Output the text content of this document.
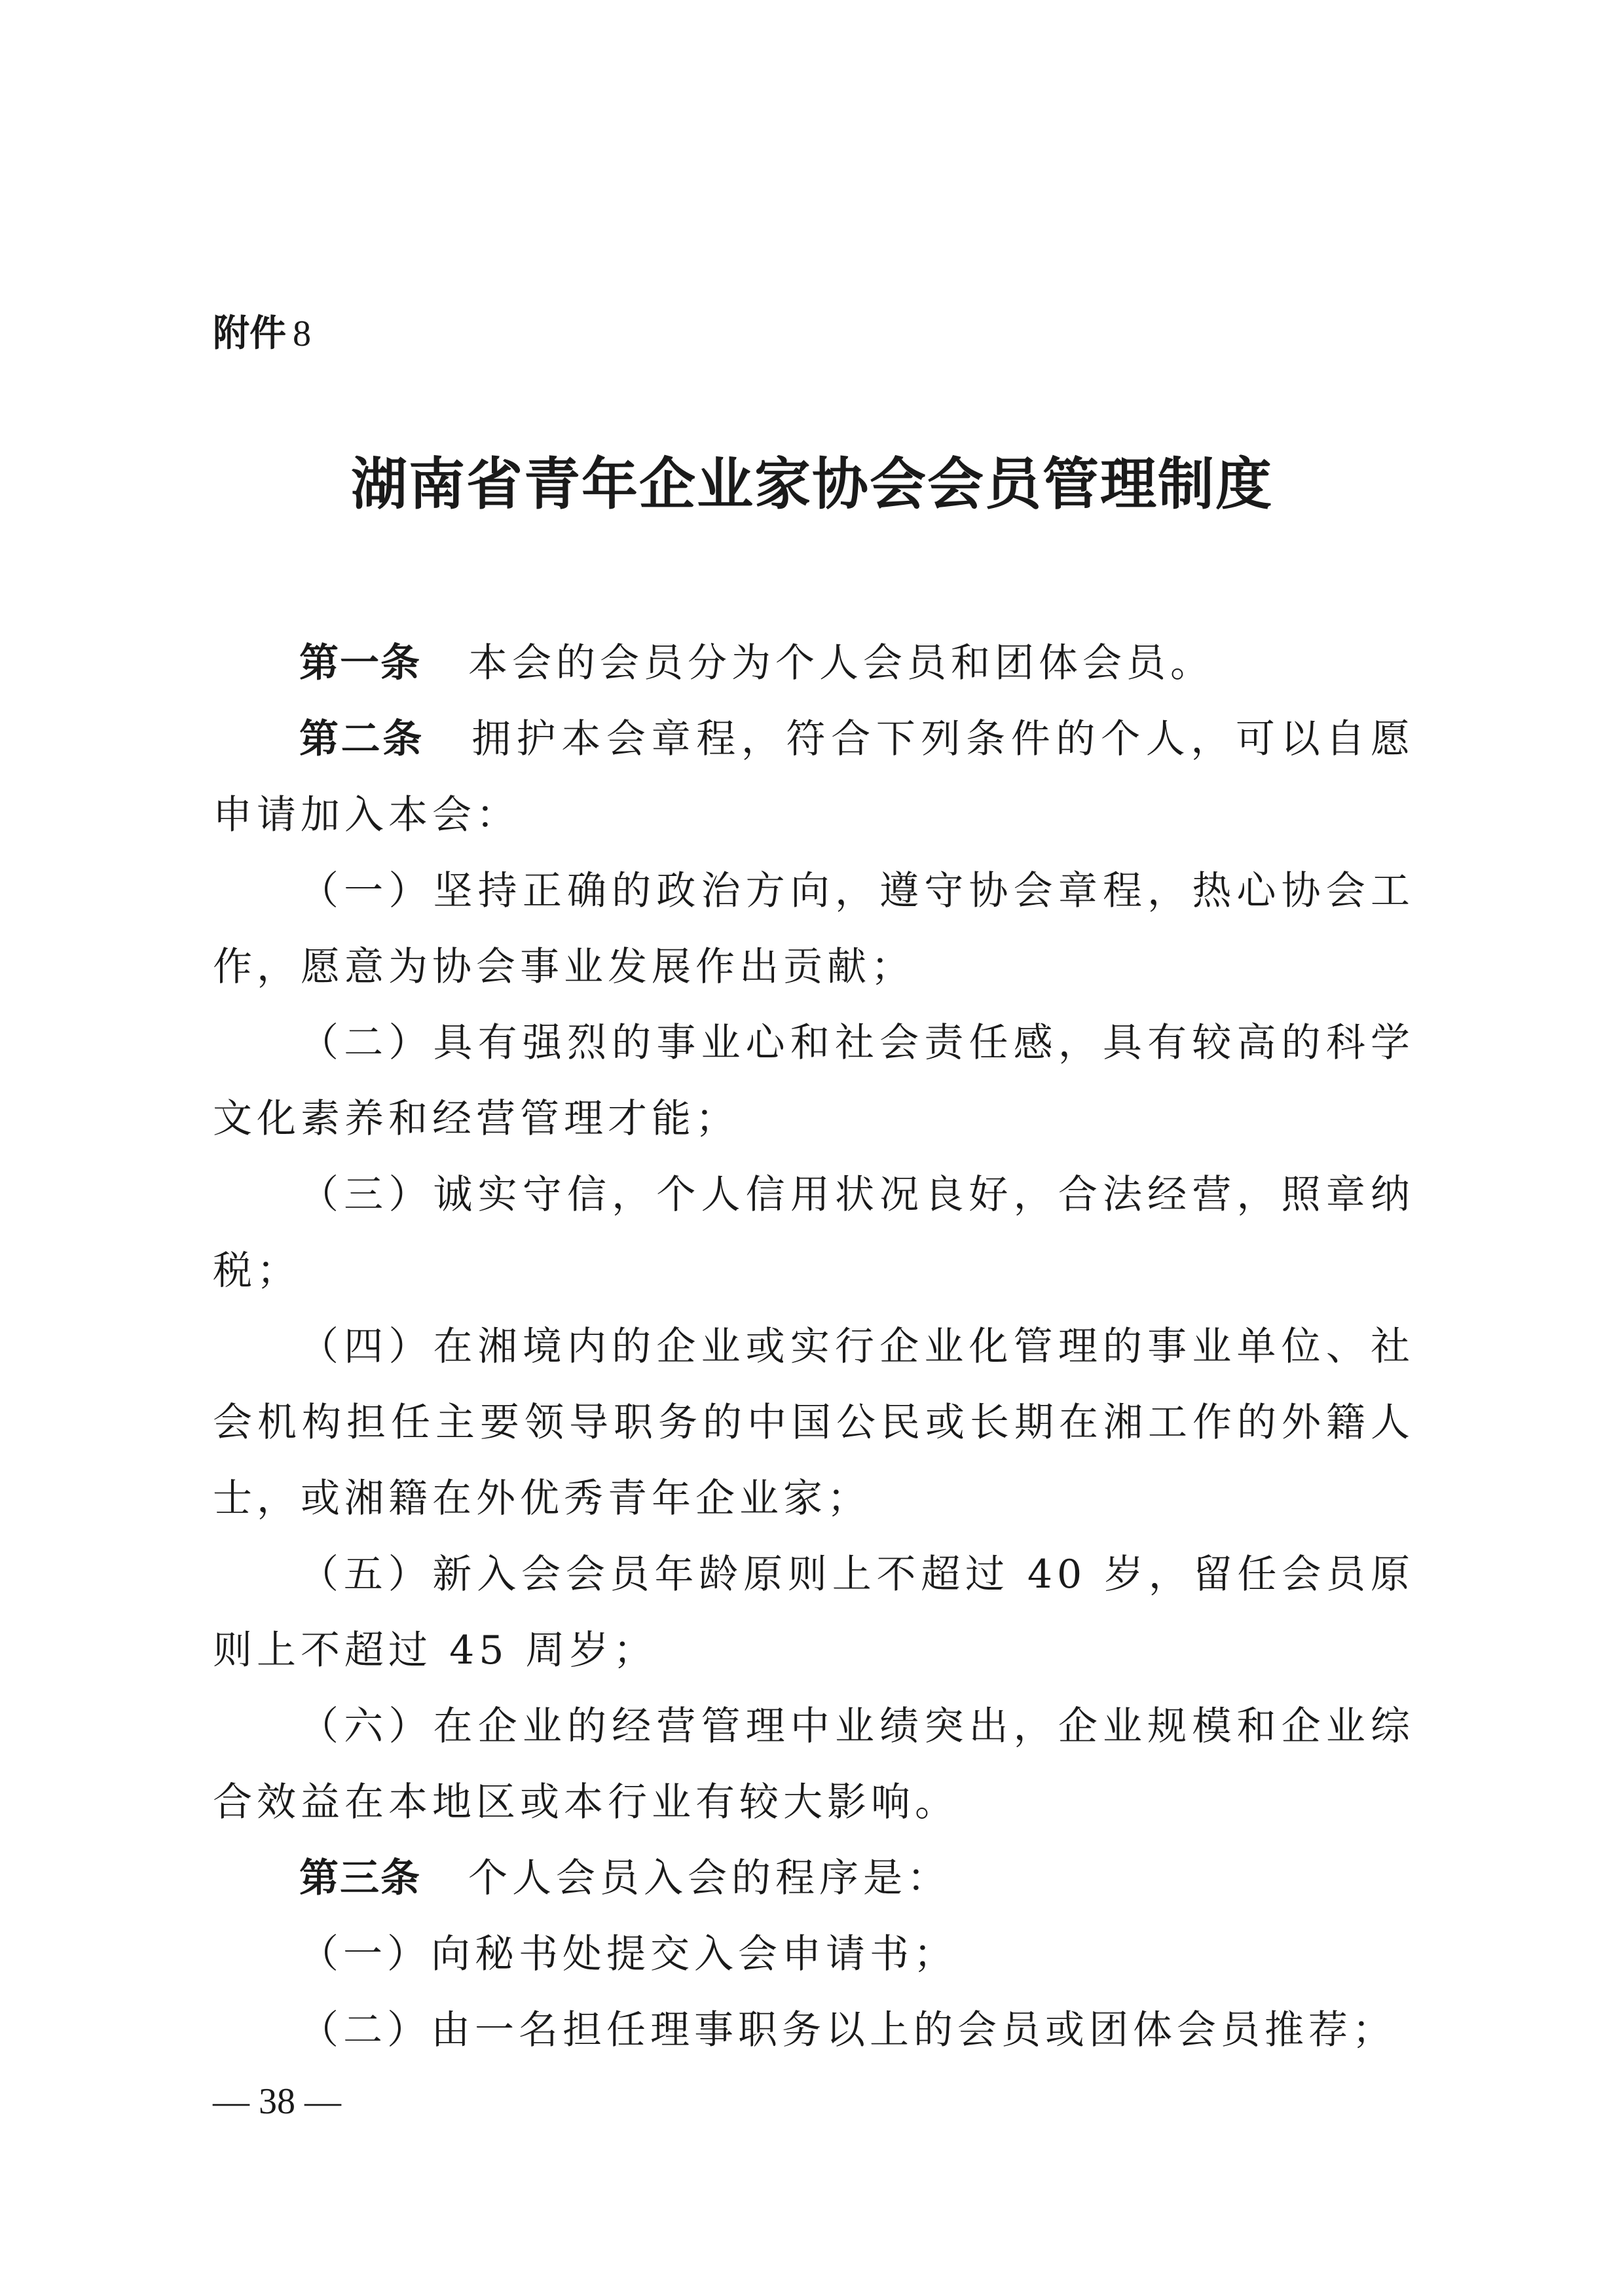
附件 8
湖南省青年企业家协会会员管理制度

第一条 本会的会员分为个人会员和团体会员。

第二条 拥护本会章程，符合下列条件的个人，可以自愿申请加入本会：

（一）坚持正确的政治方向，遵守协会章程，热心协会工作，愿意为协会事业发展作出贡献；

（二）具有强烈的事业心和社会责任感，具有较高的科学文化素养和经营管理才能；

（三）诚实守信，个人信用状况良好，合法经营，照章纳税；

（四）在湘境内的企业或实行企业化管理的事业单位、社会机构担任主要领导职务的中国公民或长期在湘工作的外籍人士，或湘籍在外优秀青年企业家；

（五）新入会会员年龄原则上不超过 40 岁，留任会员原则上不超过 45 周岁；

（六）在企业的经营管理中业绩突出，企业规模和企业综合效益在本地区或本行业有较大影响。

第三条 个人会员入会的程序是：

（一）向秘书处提交入会申请书；

（二）由一名担任理事职务以上的会员或团体会员推荐；

— 38 —
